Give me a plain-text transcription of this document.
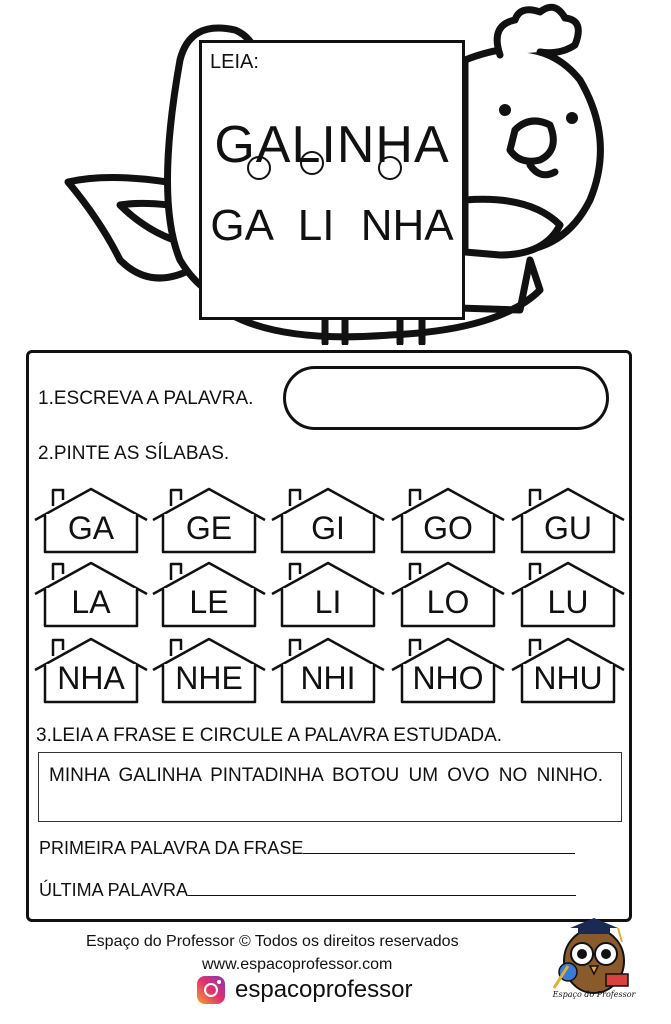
LEIA:
GALINHA
GA LI NHA
1.ESCREVA A PALAVRA.
2.PINTE AS SÍLABAS.
GA	GE	GI	GO	GU
LA	LE	LI	LO	LU
NHA	NHE	NHI	NHO	NHU
3.LEIA A FRASE E CIRCULE A PALAVRA ESTUDADA.
MINHA GALINHA PINTADINHA BOTOU UM OVO NO NINHO.
PRIMEIRA PALAVRA DA FRASE
ÚLTIMA PALAVRA
Espaço do Professor © Todos os direitos reservados
www.espacoprofessor.com
espacoprofessor	Espaço do Professor
